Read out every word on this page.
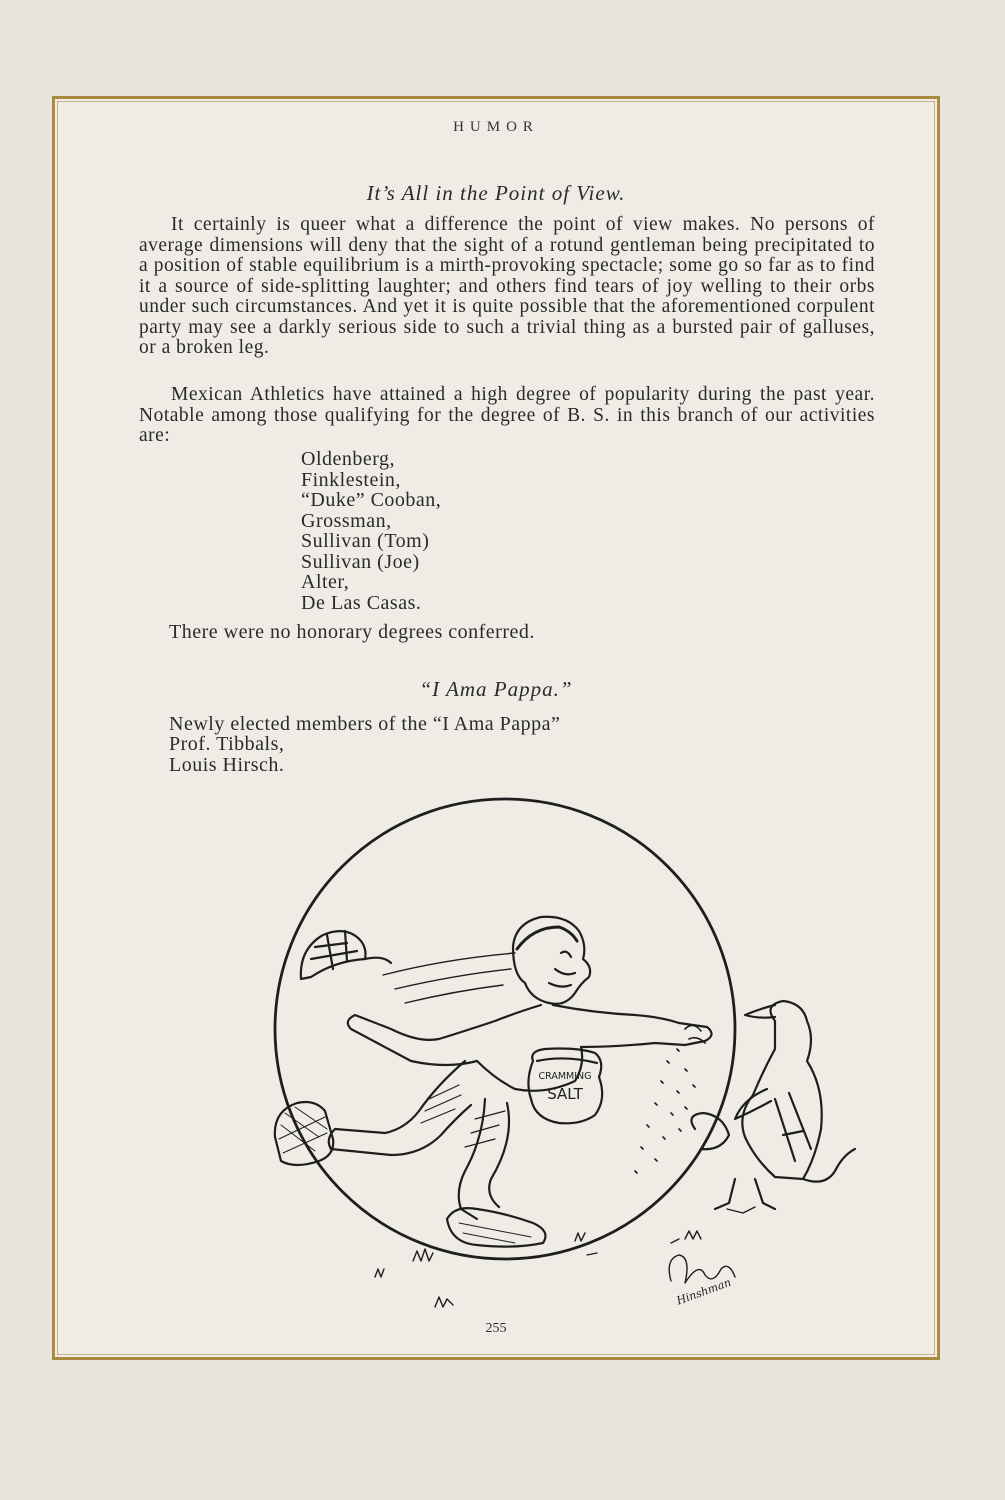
HUMOR
It’s All in the Point of View.

It certainly is queer what a difference the point of view makes. No persons of average dimensions will deny that the sight of a rotund gentleman being precipitated to a position of stable equilibrium is a mirth-provoking spectacle; some go so far as to find it a source of side-splitting laughter; and others find tears of joy welling to their orbs under such circumstances. And yet it is quite possible that the aforementioned corpulent party may see a darkly serious side to such a trivial thing as a bursted pair of galluses, or a broken leg.

Mexican Athletics have attained a high degree of popularity during the past year. Notable among those qualifying for the degree of B. S. in this branch of our activities are:

Oldenberg,
Finklestein,
“Duke” Cooban,
Grossman,
Sullivan (Tom)
Sullivan (Joe)
Alter,
De Las Casas.
There were no honorary degrees conferred.
“I Ama Pappa.”
Newly elected members of the “I Ama Pappa”
Prof. Tibbals,
Louis Hirsch.
CRAMMING
SALT
Hinshman
255
